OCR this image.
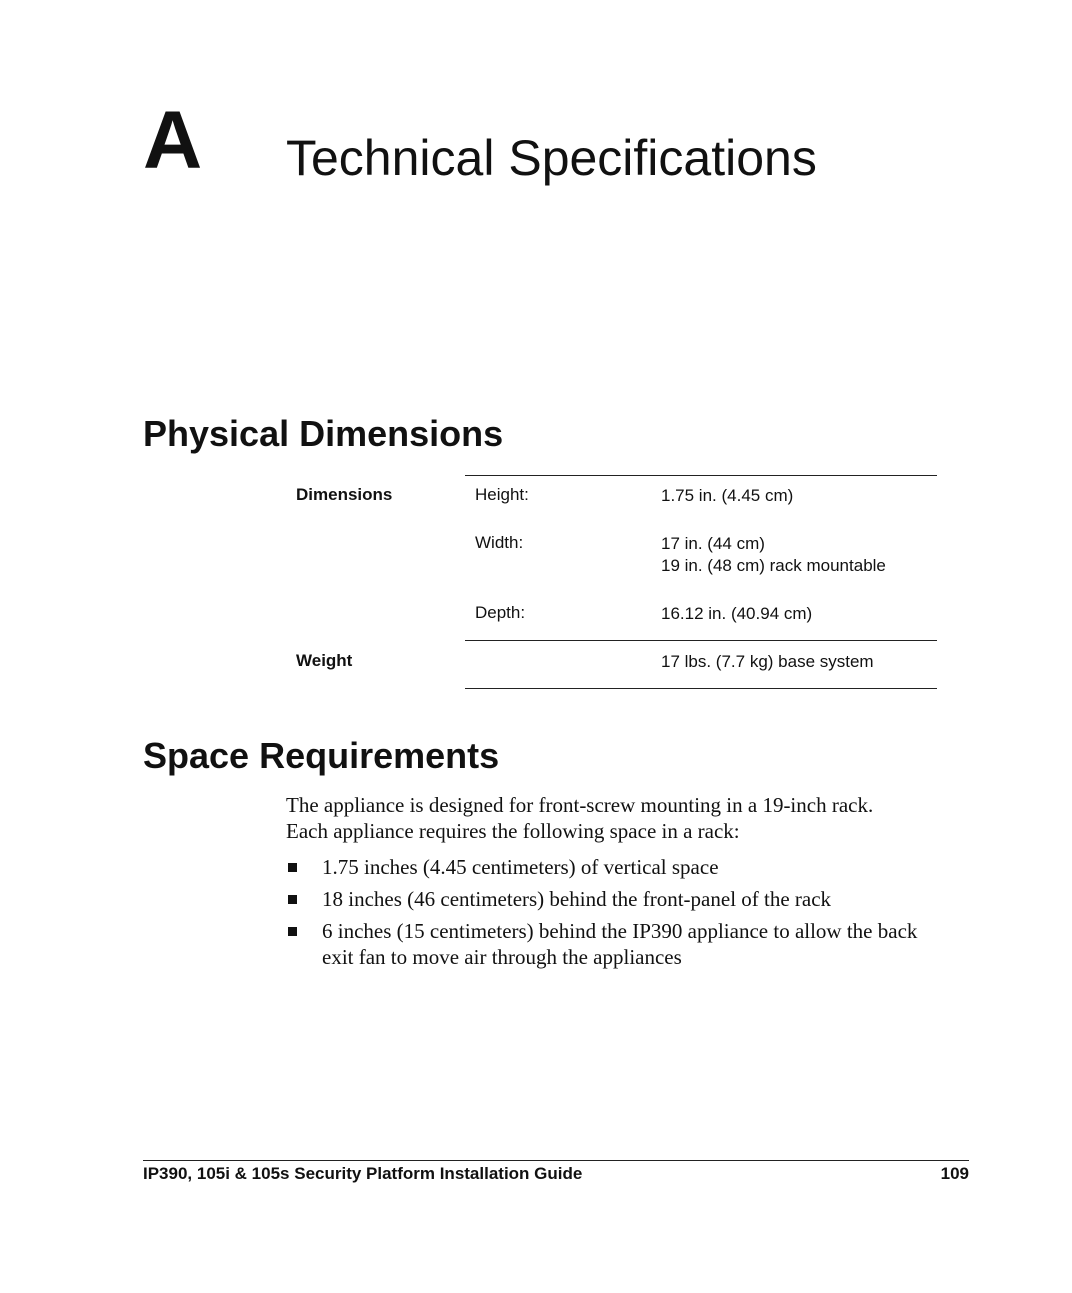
A Technical Specifications
Physical Dimensions
Dimensions	Height:	1.75 in. (4.45 cm)
Width:	17 in. (44 cm)
19 in. (48 cm) rack mountable
Depth:	16.12 in. (40.94 cm)
Weight	17 lbs. (7.7 kg) base system
Space Requirements
The appliance is designed for front-screw mounting in a 19-inch rack.
Each appliance requires the following space in a rack:
1.75 inches (4.45 centimeters) of vertical space
18 inches (46 centimeters) behind the front-panel of the rack
6 inches (15 centimeters) behind the IP390 appliance to allow the back exit fan to move air through the appliances
IP390, 105i & 105s Security Platform Installation Guide	109
